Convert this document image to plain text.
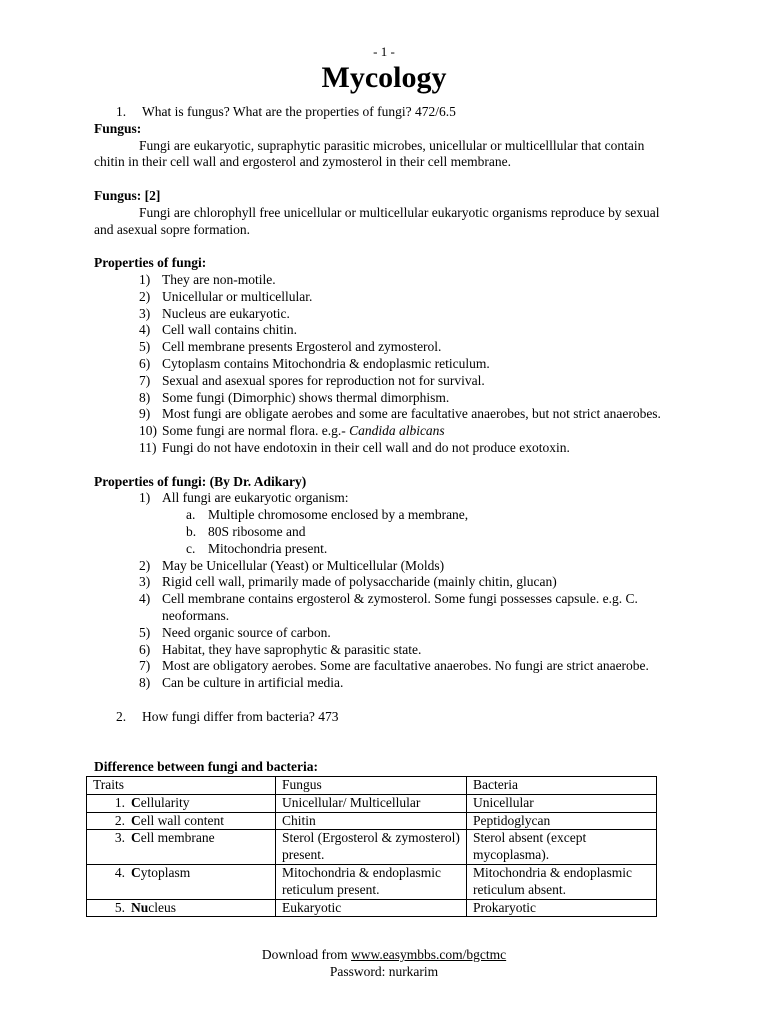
- 1 -
Mycology
1.	What is fungus? What are the properties of fungi? 472/6.5
Fungus:
Fungi are eukaryotic, supraphytic parasitic microbes, unicellular or multicelllular that contain chitin in their cell wall and ergosterol and zymosterol in their cell membrane.
Fungus: [2]
Fungi are chlorophyll free unicellular or multicellular eukaryotic organisms reproduce by sexual and asexual sopre formation.
Properties of fungi:
1) They are non-motile.
2) Unicellular or multicellular.
3) Nucleus are eukaryotic.
4) Cell wall contains chitin.
5) Cell membrane presents Ergosterol and zymosterol.
6) Cytoplasm contains Mitochondria & endoplasmic reticulum.
7) Sexual and asexual spores for reproduction not for survival.
8) Some fungi (Dimorphic) shows thermal dimorphism.
9) Most fungi are obligate aerobes and some are facultative anaerobes, but not strict anaerobes.
10) Some fungi are normal flora. e.g.- Candida albicans
11) Fungi do not have endotoxin in their cell wall and do not produce exotoxin.
Properties of fungi: (By Dr. Adikary)
1) All fungi are eukaryotic organism:
a. Multiple chromosome enclosed by a membrane,
b. 80S ribosome and
c. Mitochondria present.
2) May be Unicellular (Yeast) or Multicellular (Molds)
3) Rigid cell wall, primarily made of polysaccharide (mainly chitin, glucan)
4) Cell membrane contains ergosterol & zymosterol. Some fungi possesses capsule. e.g. C. neoformans.
5) Need organic source of carbon.
6) Habitat, they have saprophytic & parasitic state.
7) Most are obligatory aerobes. Some are facultative anaerobes. No fungi are strict anaerobe.
8) Can be culture in artificial media.
2.	How fungi differ from bacteria? 473
Difference between fungi and bacteria:
Traits	Fungus	Bacteria
1. Cellularity	Unicellular/ Multicellular	Unicellular
2. Cell wall content	Chitin	Peptidoglycan
3. Cell membrane	Sterol (Ergosterol & zymosterol) present.	Sterol absent (except mycoplasma).
4. Cytoplasm	Mitochondria & endoplasmic reticulum present.	Mitochondria & endoplasmic reticulum absent.
5. Nucleus	Eukaryotic	Prokaryotic
Download from www.easymbbs.com/bgctmc
Password: nurkarim
